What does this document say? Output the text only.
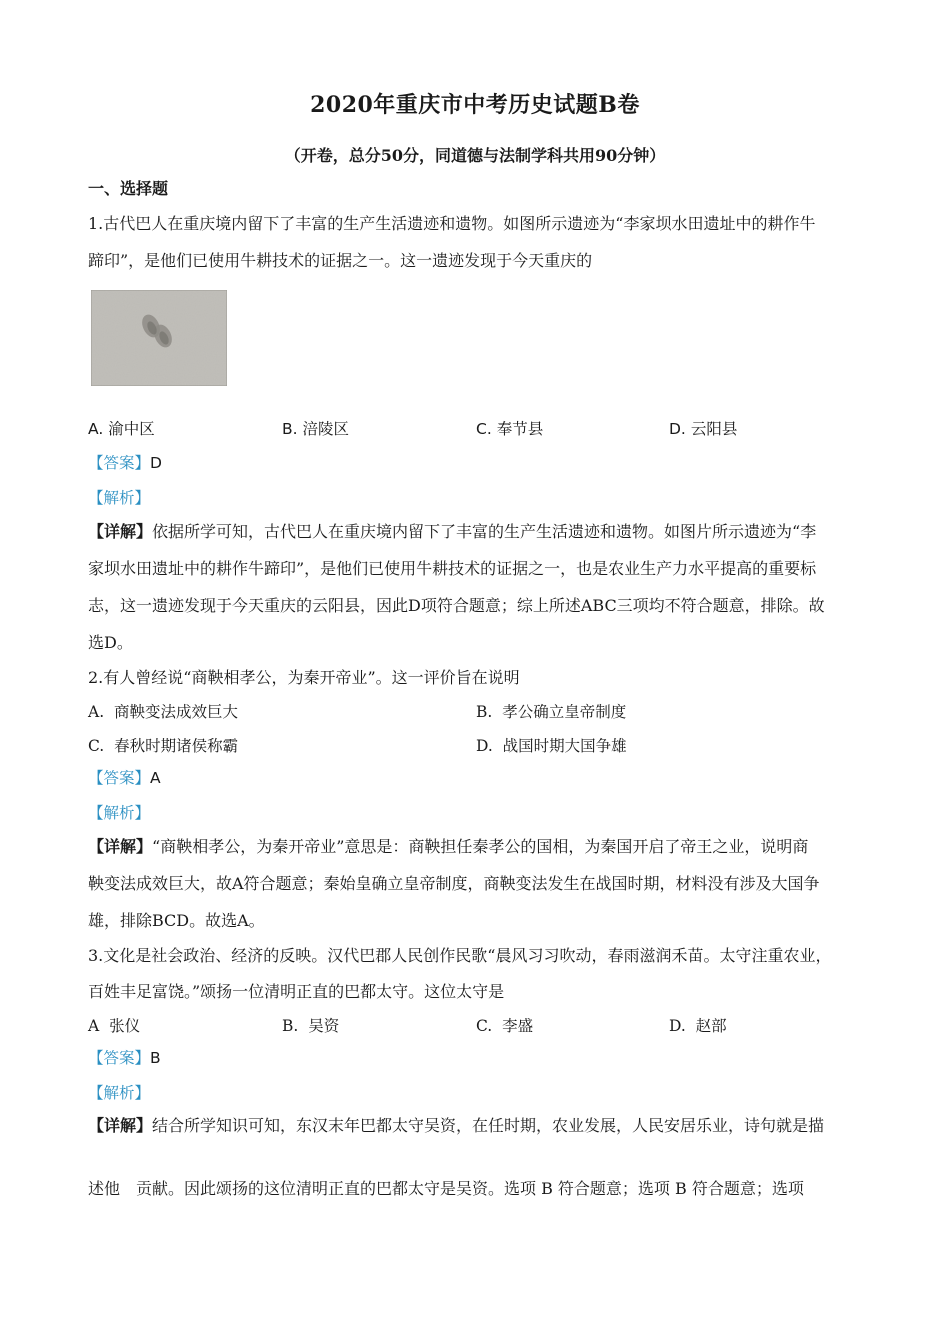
2020年重庆市中考历史试题B卷
（开卷，总分50分，同道德与法制学科共用90分钟）
一、选择题
1.古代巴人在重庆境内留下了丰富的生产生活遗迹和遗物。如图所示遗迹为“李家坝水田遗址中的耕作牛
蹄印”，是他们已使用牛耕技术的证据之一。这一遗迹发现于今天重庆的
A. 渝中区	B. 涪陵区	C. 奉节县	D. 云阳县
【答案】D
【解析】
【详解】依据所学可知，古代巴人在重庆境内留下了丰富的生产生活遗迹和遗物。如图片所示遗迹为“李
家坝水田遗址中的耕作牛蹄印”，是他们已使用牛耕技术的证据之一，也是农业生产力水平提高的重要标
志，这一遗迹发现于今天重庆的云阳县，因此D项符合题意；综上所述ABC三项均不符合题意，排除。故
选D。
2.有人曾经说“商鞅相孝公，为秦开帝业”。这一评价旨在说明
A. 商鞅变法成效巨大	B. 孝公确立皇帝制度
C. 春秋时期诸侯称霸	D. 战国时期大国争雄
【答案】A
【解析】
【详解】“商鞅相孝公，为秦开帝业”意思是：商鞅担任秦孝公的国相，为秦国开启了帝王之业，说明商
鞅变法成效巨大，故A符合题意；秦始皇确立皇帝制度，商鞅变法发生在战国时期，材料没有涉及大国争
雄，排除BCD。故选A。
3.文化是社会政治、经济的反映。汉代巴郡人民创作民歌“晨风习习吹动，春雨滋润禾苗。太守注重农业，
百姓丰足富饶。”颂扬一位清明正直的巴都太守。这位太守是
A 张仪	B. 吴资	C. 李盛	D. 赵部
【答案】B
【解析】
【详解】结合所学知识可知，东汉末年巴都太守吴资，在任时期，农业发展，人民安居乐业，诗句就是描
述他　贡献。因此颂扬的这位清明正直的巴都太守是吴资。选项 B 符合题意；选项 B 符合题意；选项
